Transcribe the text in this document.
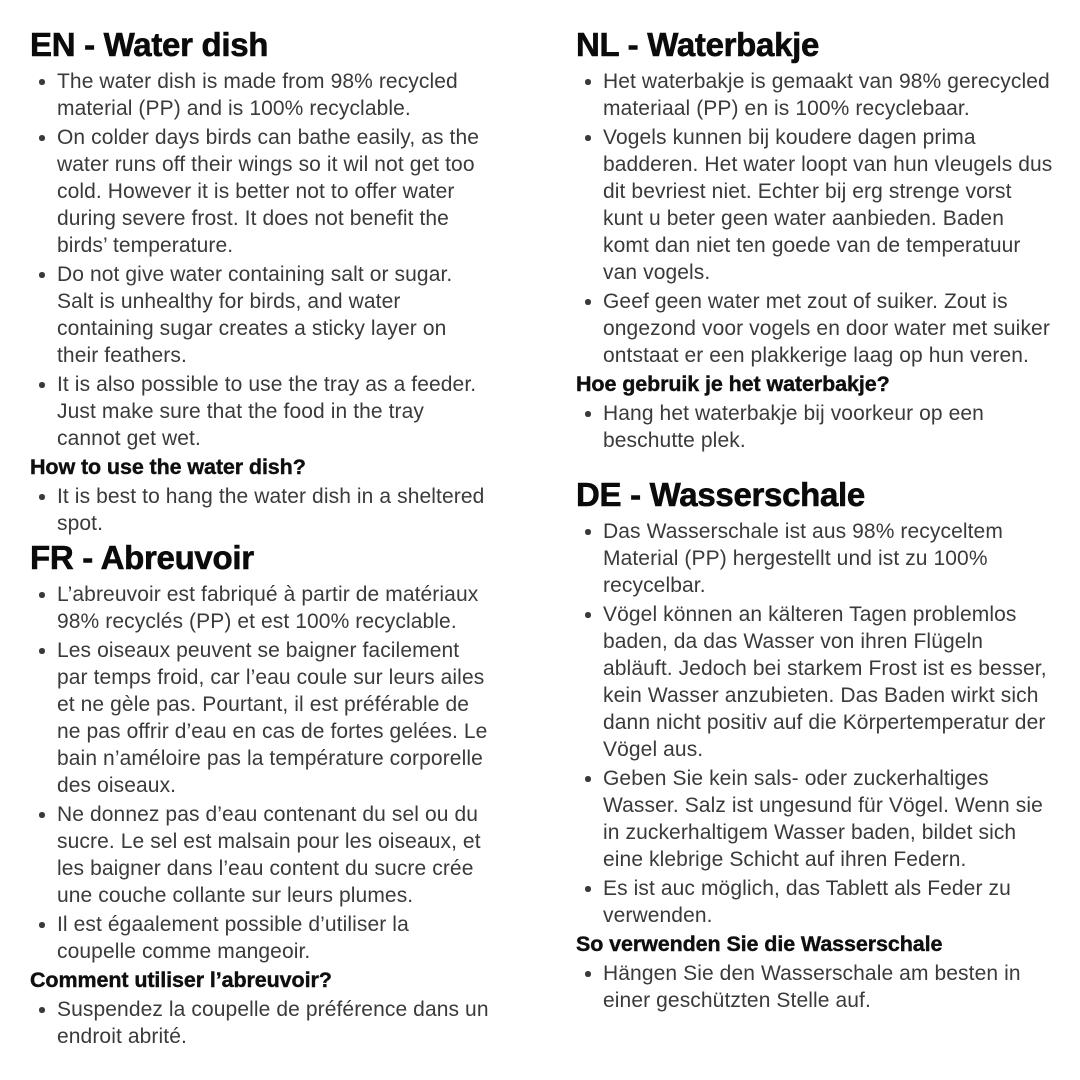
EN - Water dish
The water dish is made from 98% recycled material (PP) and is 100% recyclable.
On colder days birds can bathe easily, as the water runs off their wings so it wil not get too cold. However it is better not to offer water during severe frost. It does not benefit the birds’ temperature.
Do not give water containing salt or sugar. Salt is unhealthy for birds, and water containing sugar creates a sticky layer on their feathers.
It is also possible to use the tray as a feeder. Just make sure that the food in the tray cannot get wet.
How to use the water dish?
It is best to hang the water dish in a sheltered spot.
FR - Abreuvoir
L’abreuvoir est fabriqué à partir de matériaux 98% recyclés (PP) et est 100% recyclable.
Les oiseaux peuvent se baigner facilement par temps froid, car l’eau coule sur leurs ailes et ne gèle pas. Pourtant, il est préférable de ne pas offrir d’eau en cas de fortes gelées. Le bain n’améloire pas la température corporelle des oiseaux.
Ne donnez pas d’eau contenant du sel ou du sucre. Le sel est malsain pour les oiseaux, et les baigner dans l’eau content du sucre crée une couche collante sur leurs plumes.
Il est égaalement possible d’utiliser la coupelle comme mangeoir.
Comment utiliser l’abreuvoir?
Suspendez la coupelle de préférence dans un endroit abrité.
NL - Waterbakje
Het waterbakje is gemaakt van 98% gerecycled materiaal (PP) en is 100% recyclebaar.
Vogels kunnen bij koudere dagen prima badderen. Het water loopt van hun vleugels dus dit bevriest niet. Echter bij erg strenge vorst kunt u beter geen water aanbieden. Baden komt dan niet ten goede van de temperatuur van vogels.
Geef geen water met zout of suiker. Zout is ongezond voor vogels en door water met suiker ontstaat er een plakkerige laag op hun veren.
Hoe gebruik je het waterbakje?
Hang het waterbakje bij voorkeur op een beschutte plek.
DE - Wasserschale
Das Wasserschale ist aus 98% recyceltem Material (PP) hergestellt und ist zu 100% recycelbar.
Vögel können an kälteren Tagen problemlos baden, da das Wasser von ihren Flügeln abläuft. Jedoch bei starkem Frost ist es besser, kein Wasser anzubieten. Das Baden wirkt sich dann nicht positiv auf die Körpertemperatur der Vögel aus.
Geben Sie kein sals- oder zuckerhaltiges Wasser. Salz ist ungesund für Vögel. Wenn sie in zuckerhaltigem Wasser baden, bildet sich eine klebrige Schicht auf ihren Federn.
Es ist auc möglich, das Tablett als Feder zu verwenden.
So verwenden Sie die Wasserschale
Hängen Sie den Wasserschale am besten in einer geschützten Stelle auf.
